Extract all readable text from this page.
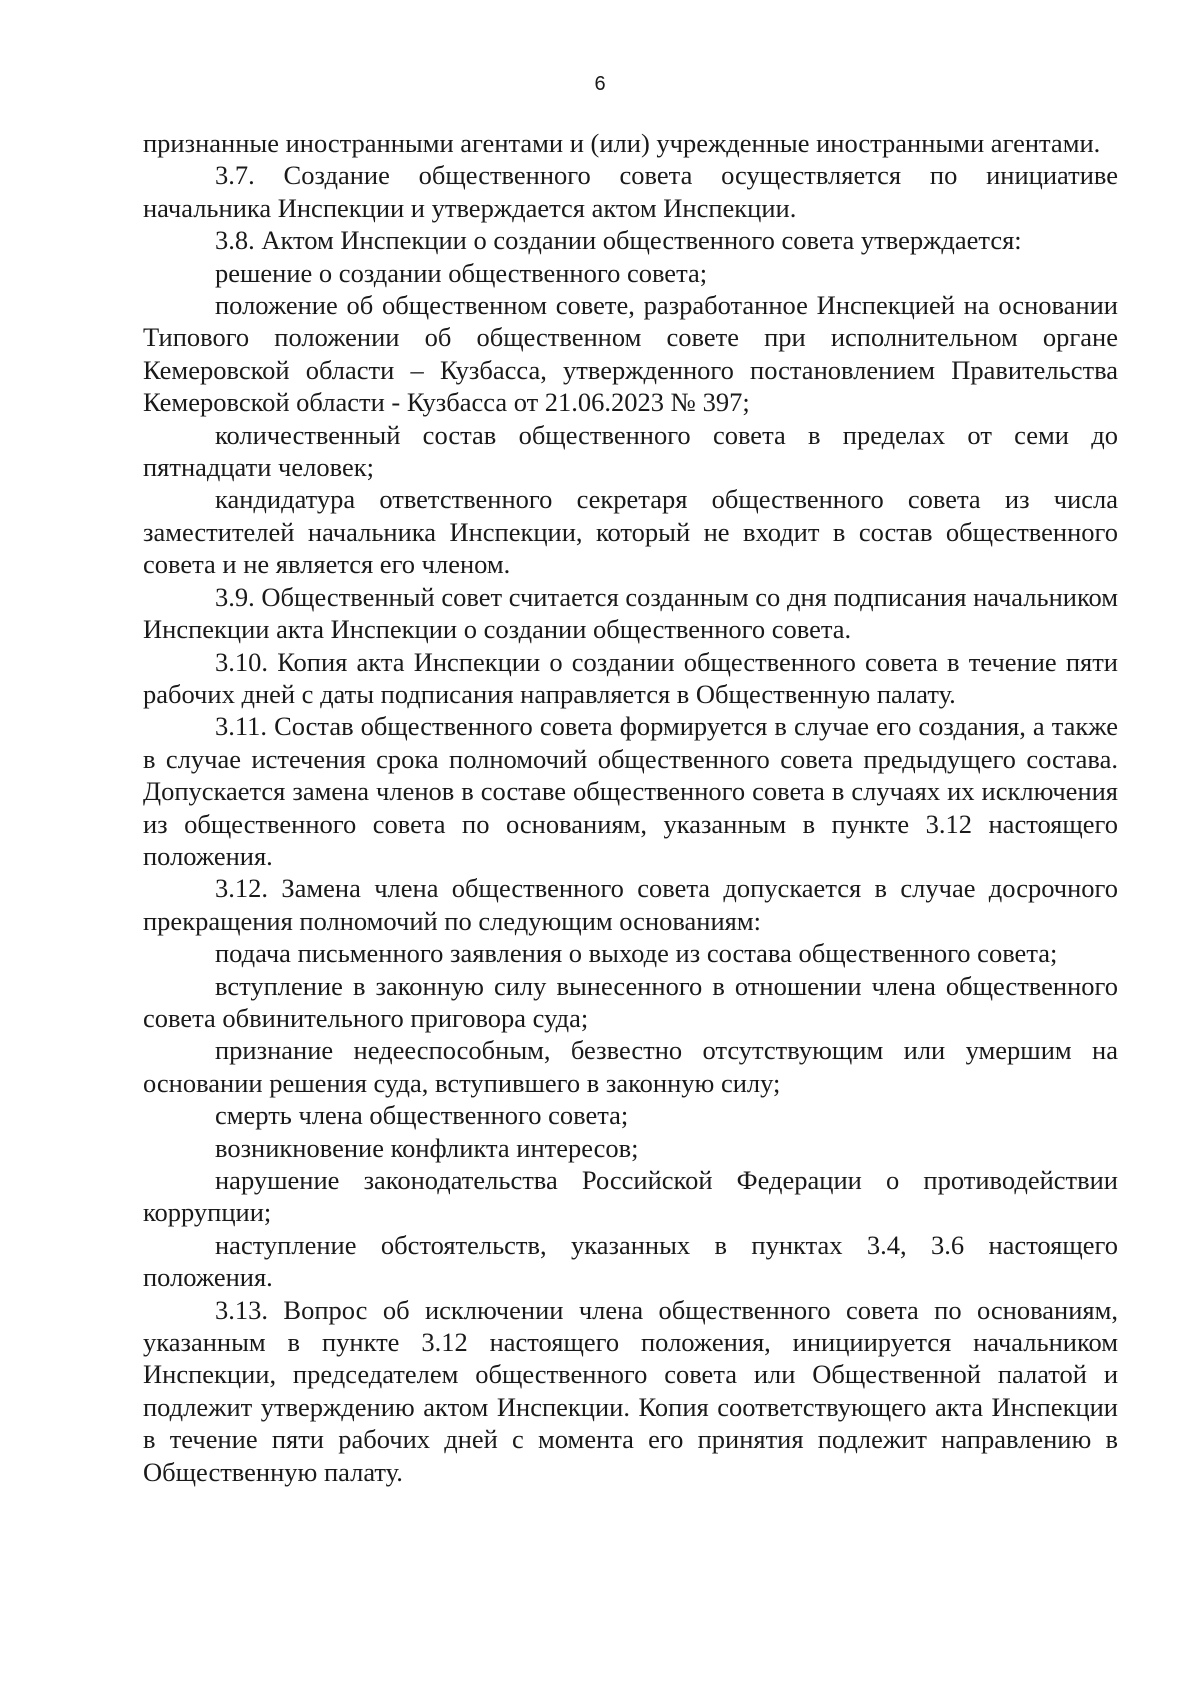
6

признанные иностранными агентами и (или) учрежденные иностранными агентами.

3.7. Создание общественного совета осуществляется по инициативе начальника Инспекции и утверждается актом Инспекции.

3.8. Актом Инспекции о создании общественного совета утверждается:

решение о создании общественного совета;

положение об общественном совете, разработанное Инспекцией на основании Типового положении об общественном совете при исполнительном органе Кемеровской области – Кузбасса, утвержденного постановлением Правительства Кемеровской области - Кузбасса от 21.06.2023 № 397;

количественный состав общественного совета в пределах от семи до пятнадцати человек;

кандидатура ответственного секретаря общественного совета из числа заместителей начальника Инспекции, который не входит в состав общественного совета и не является его членом.

3.9. Общественный совет считается созданным со дня подписания начальником Инспекции акта Инспекции о создании общественного совета.

3.10. Копия акта Инспекции о создании общественного совета в течение пяти рабочих дней с даты подписания направляется в Общественную палату.

3.11. Состав общественного совета формируется в случае его создания, а также в случае истечения срока полномочий общественного совета предыдущего состава. Допускается замена членов в составе общественного совета в случаях их исключения из общественного совета по основаниям, указанным в пункте 3.12 настоящего положения.

3.12. Замена члена общественного совета допускается в случае досрочного прекращения полномочий по следующим основаниям:

подача письменного заявления о выходе из состава общественного совета;

вступление в законную силу вынесенного в отношении члена общественного совета обвинительного приговора суда;

признание недееспособным, безвестно отсутствующим или умершим на основании решения суда, вступившего в законную силу;

смерть члена общественного совета;

возникновение конфликта интересов;

нарушение законодательства Российской Федерации о противодействии коррупции;

наступление обстоятельств, указанных в пунктах 3.4, 3.6 настоящего положения.

3.13. Вопрос об исключении члена общественного совета по основаниям, указанным в пункте 3.12 настоящего положения, инициируется начальником Инспекции, председателем общественного совета или Общественной палатой и подлежит утверждению актом Инспекции. Копия соответствующего акта Инспекции в течение пяти рабочих дней с момента его принятия подлежит направлению в Общественную палату.
